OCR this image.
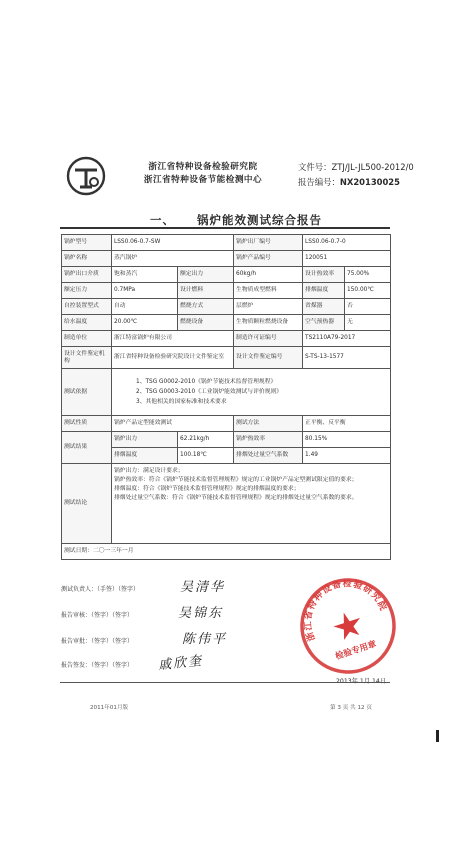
浙江省特种设备检验研究院
浙江省特种设备节能检测中心
文件号：ZTJ/JL-JL500-2012/0
报告编号：NX20130025
一、 锅炉能效测试综合报告
锅炉型号	LSS0.06-0.7-SW		锅炉出厂编号	LSS0.06-0.7-0	
锅炉名称	蒸汽锅炉		锅炉产品编号	120051	
锅炉出口介质	饱和蒸汽	额定出力	60kg/h	设计热效率	75.00%
额定压力	0.7MPa	设计燃料	生物质成型燃料	排烟温度	150.00℃
自控装置型式	自动	燃烧方式	层燃炉	省煤器	否
给水温度	20.00℃	燃烧设备	生物质颗粒燃烧设备	空气预热器	无
制造单位	浙江特富锅炉有限公司		制造许可证编号	TS2110A79-2017	
设计文件鉴定机构	浙江省特种设备检验研究院设计文件鉴定室		设计文件鉴定编号	S-TS-13-1577	
测试依据	1、TSG G0002-2010《锅炉节能技术监督管理规程》
2、TSG G0003-2010《工业锅炉能效测试与评价规则》
3、其他相关的国家标准和技术要求				

测试性质	锅炉产品定型能效测试		测试方法	正平衡、反平衡	
测试结果	锅炉出力	62.21kg/h	锅炉热效率	80.15%	
	排烟温度	100.18℃	排烟处过量空气系数	1.49	
测试结论	锅炉出力：满足设计要求；
锅炉热效率：符合《锅炉节能技术监督管理规程》规定的工业锅炉产品定型测试限定值的要求；
排烟温度：符合《锅炉节能技术监督管理规程》规定的排烟温度的要求；
排烟处过量空气系数：符合《锅炉节能技术监督管理规程》规定的排烟处过量空气系数的要求。				

测试日期：二〇一三年一月					
测试负责人：（手签）（签字）	吴清华
报告审核：（签字）（签字）	吴锦东
报告审批：（签字）（签字）	陈伟平
报告签发：（签字）（签字） 戚欣奎
浙江省特种设备检验研究院
检验专用章
2013年 1月 14日
2011年01月版	第 3 页 共 12 页
